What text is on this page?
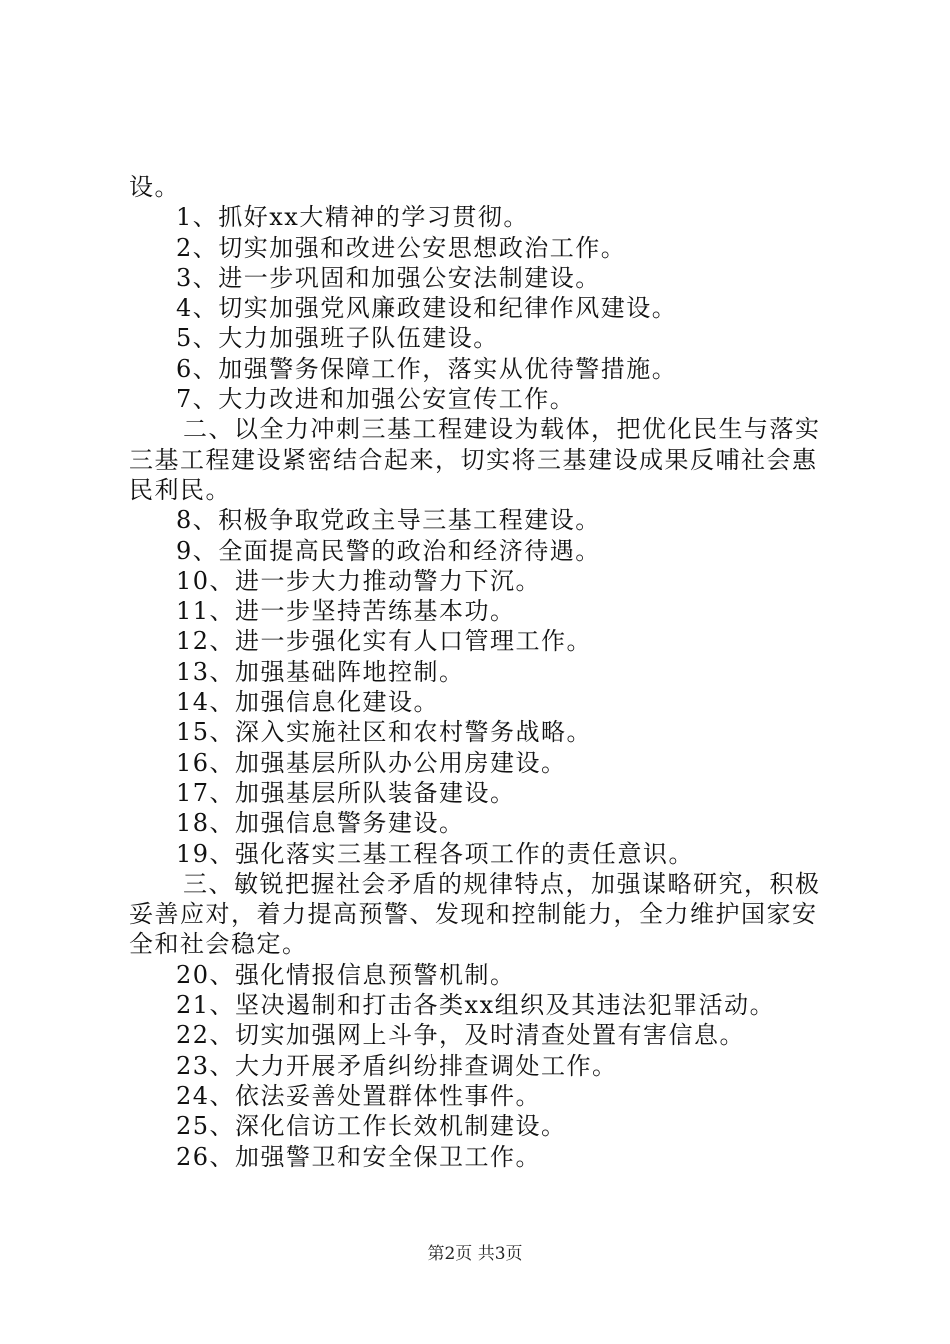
设。
1、抓好xx大精神的学习贯彻。
2、切实加强和改进公安思想政治工作。
3、进一步巩固和加强公安法制建设。
4、切实加强党风廉政建设和纪律作风建设。
5、大力加强班子队伍建设。
6、加强警务保障工作，落实从优待警措施。
7、大力改进和加强公安宣传工作。
二、以全力冲刺三基工程建设为载体，把优化民生与落实
三基工程建设紧密结合起来，切实将三基建设成果反哺社会惠
民利民。
8、积极争取党政主导三基工程建设。
9、全面提高民警的政治和经济待遇。
10、进一步大力推动警力下沉。
11、进一步坚持苦练基本功。
12、进一步强化实有人口管理工作。
13、加强基础阵地控制。
14、加强信息化建设。
15、深入实施社区和农村警务战略。
16、加强基层所队办公用房建设。
17、加强基层所队装备建设。
18、加强信息警务建设。
19、强化落实三基工程各项工作的责任意识。
三、敏锐把握社会矛盾的规律特点，加强谋略研究，积极
妥善应对，着力提高预警、发现和控制能力，全力维护国家安
全和社会稳定。
20、强化情报信息预警机制。
21、坚决遏制和打击各类xx组织及其违法犯罪活动。
22、切实加强网上斗争，及时清查处置有害信息。
23、大力开展矛盾纠纷排查调处工作。
24、依法妥善处置群体性事件。
25、深化信访工作长效机制建设。
26、加强警卫和安全保卫工作。
第2页 共3页
